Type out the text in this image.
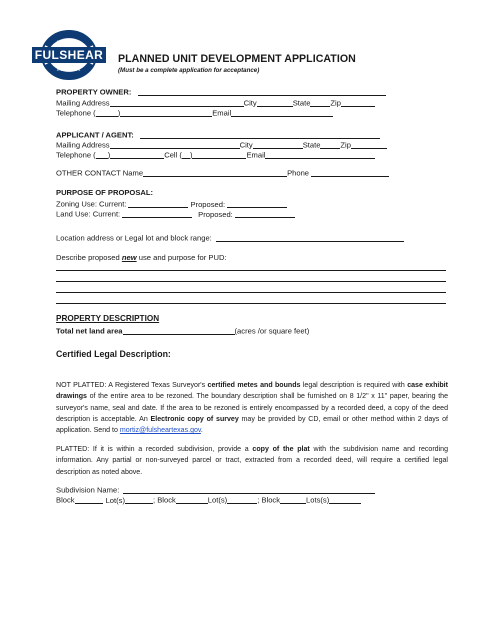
FULSHEAR
EST 1894
EST. 1894
PLANNED UNIT DEVELOPMENT APPLICATION
(Must be a complete application for acceptance)
PROPERTY OWNER:
Mailing Address	City	State	Zip
Telephone (	)	Email
APPLICANT / AGENT:
Mailing Address	City	State	Zip
Telephone ( )	Cell ( )	Email
OTHER CONTACT Name	Phone
PURPOSE OF PROPOSAL:
Zoning Use: Current:	Proposed:
Land Use: Current:	Proposed:
Location address or Legal lot and block range:
Describe proposed new use and purpose for PUD:
PROPERTY DESCRIPTION
Total net land area	(acres /or square feet)
Certified Legal Description:
NOT PLATTED: A Registered Texas Surveyor's certified metes and bounds legal description is required with case exhibit drawings of the entire area to be rezoned. The boundary description shall be furnished on 8 1/2" x 11" paper, bearing the surveyor's name, seal and date. If the area to be rezoned is entirely encompassed by a recorded deed, a copy of the deed description is acceptable. An Electronic copy of survey may be provided by CD, email or other method within 2 days of application. Send to mortiz@fulsheartexas.gov.
PLATTED: If it is within a recorded subdivision, provide a copy of the plat with the subdivision name and recording information. Any partial or non-surveyed parcel or tract, extracted from a recorded deed, will require a certified legal description as noted above.
Subdivision Name:
Block	Lot(s)	; Block	Lot(s)	; Block	Lots(s)
